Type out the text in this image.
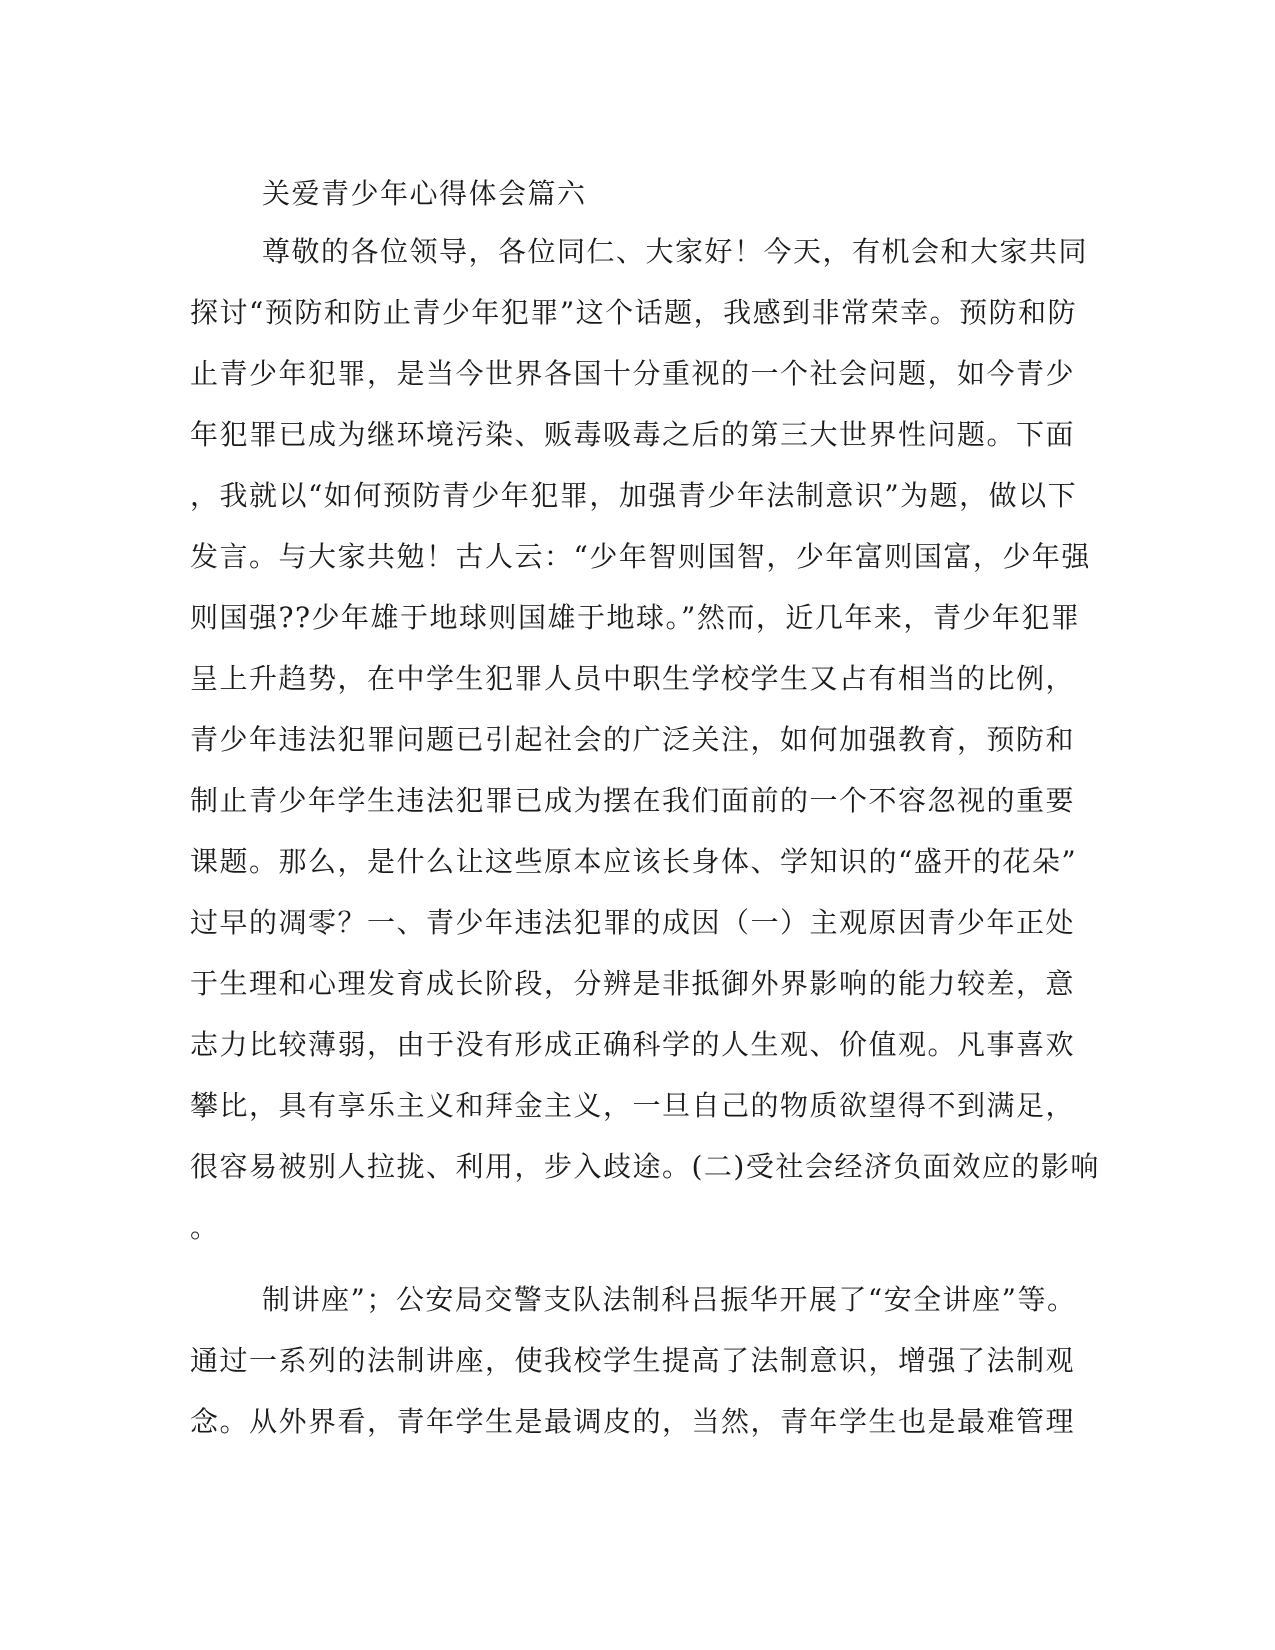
关爱青少年心得体会篇六
尊敬的各位领导，各位同仁、大家好！今天，有机会和大家共同
探讨“预防和防止青少年犯罪”这个话题，我感到非常荣幸。预防和防
止青少年犯罪，是当今世界各国十分重视的一个社会问题，如今青少
年犯罪已成为继环境污染、贩毒吸毒之后的第三大世界性问题。下面
，我就以“如何预防青少年犯罪，加强青少年法制意识”为题，做以下
发言。与大家共勉！古人云：“少年智则国智，少年富则国富，少年强
则国强??少年雄于地球则国雄于地球。”然而，近几年来，青少年犯罪
呈上升趋势，在中学生犯罪人员中职生学校学生又占有相当的比例，
青少年违法犯罪问题已引起社会的广泛关注，如何加强教育，预防和
制止青少年学生违法犯罪已成为摆在我们面前的一个不容忽视的重要
课题。那么，是什么让这些原本应该长身体、学知识的“盛开的花朵”
过早的凋零？一、青少年违法犯罪的成因（一）主观原因青少年正处
于生理和心理发育成长阶段，分辨是非抵御外界影响的能力较差，意
志力比较薄弱，由于没有形成正确科学的人生观、价值观。凡事喜欢
攀比，具有享乐主义和拜金主义，一旦自己的物质欲望得不到满足，
很容易被别人拉拢、利用，步入歧途。(二)受社会经济负面效应的影响
。
制讲座”；公安局交警支队法制科吕振华开展了“安全讲座”等。
通过一系列的法制讲座，使我校学生提高了法制意识，增强了法制观
念。从外界看，青年学生是最调皮的，当然，青年学生也是最难管理
